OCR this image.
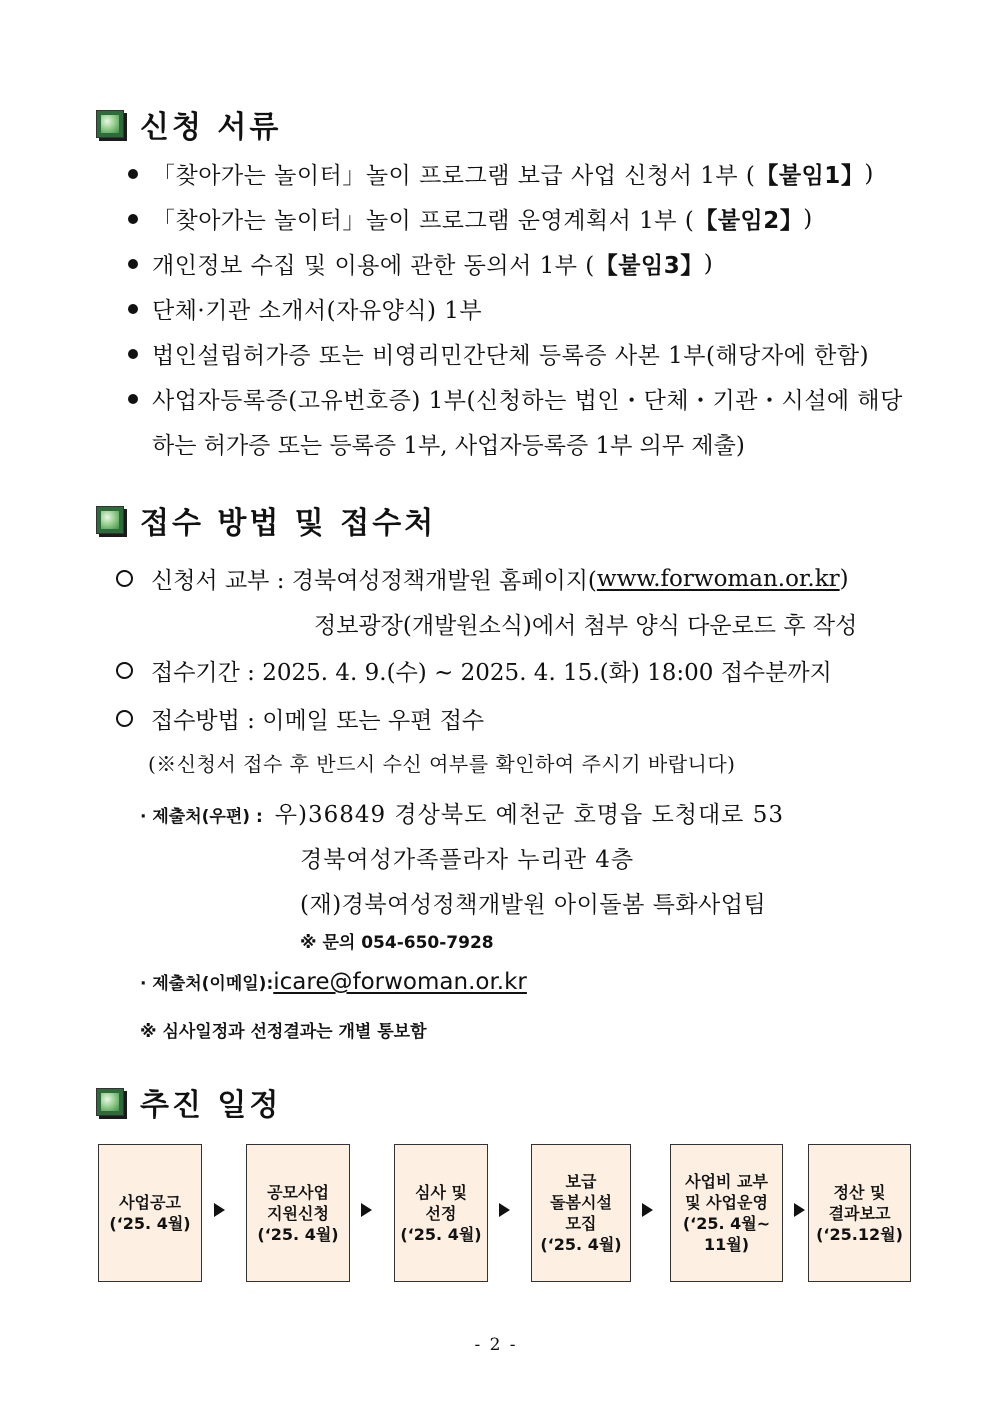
신청 서류
「찾아가는 놀이터」놀이 프로그램 보급 사업 신청서 1부 ( 【붙임1】 )
「찾아가는 놀이터」놀이 프로그램 운영계획서 1부 ( 【붙임2】 )
개인정보 수집 및 이용에 관한 동의서 1부 ( 【붙임3】 )
단체·기관 소개서(자유양식) 1부
법인설립허가증 또는 비영리민간단체 등록증 사본 1부(해당자에 한함)
사업자등록증(고유번호증) 1부(신청하는 법인・단체・기관・시설에 해당
하는 허가증 또는 등록증 1부, 사업자등록증 1부 의무 제출)
접수 방법 및 접수처
신청서 교부 : 경북여성정책개발원 홈페이지( www.forwoman.or.kr )
정보광장(개발원소식)에서 첨부 양식 다운로드 후 작성
접수기간 : 2025. 4. 9.(수) ~ 2025. 4. 15.(화) 18:00 접수분까지
접수방법 : 이메일 또는 우편 접수
(※신청서 접수 후 반드시 수신 여부를 확인하여 주시기 바랍니다)
· 제출처(우편) : 우)36849 경상북도 예천군 호명읍 도청대로 53
경북여성가족플라자 누리관 4층
(재)경북여성정책개발원 아이돌봄 특화사업팀
※ 문의 054-650-7928
· 제출처(이메일): icare@forwoman.or.kr
※ 심사일정과 선정결과는 개별 통보함
추진 일정
사업공고
(‘25. 4월)
공모사업
지원신청
(‘25. 4월)
심사 및
선정
(‘25. 4월)
보급
돌봄시설
모집
(‘25. 4월)
사업비 교부
및 사업운영
(‘25. 4월~
11월)
정산 및
결과보고
(‘25.12월)
- 2 -
